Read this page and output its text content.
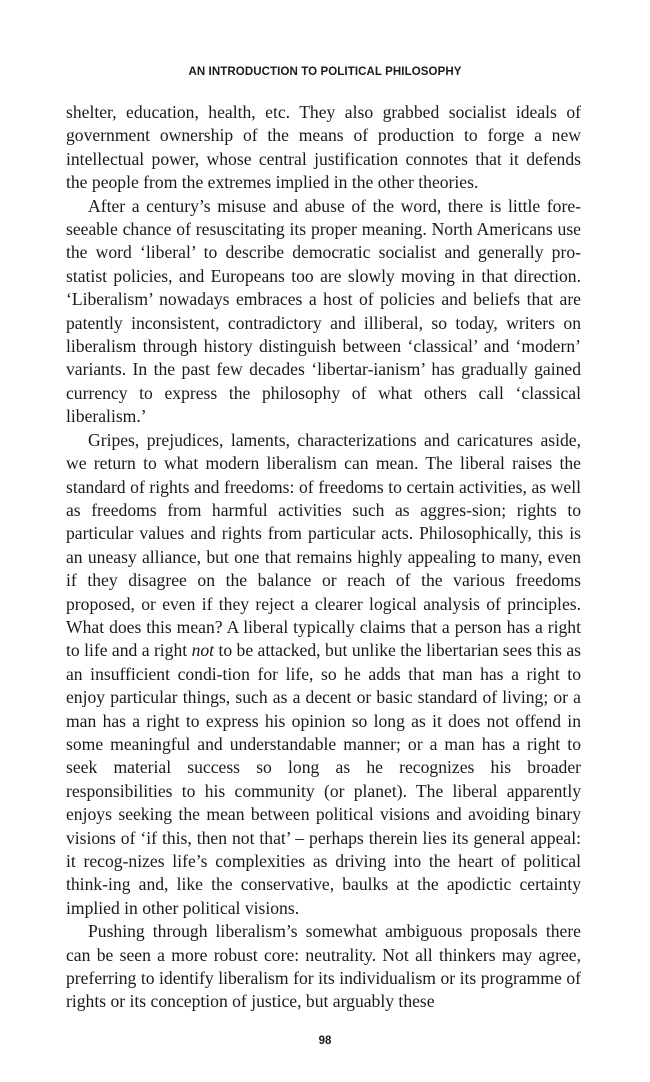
AN INTRODUCTION TO POLITICAL PHILOSOPHY

shelter, education, health, etc. They also grabbed socialist ideals of government ownership of the means of production to forge a new intellectual power, whose central justification connotes that it defends the people from the extremes implied in the other theories.

After a century’s misuse and abuse of the word, there is little fore-seeable chance of resuscitating its proper meaning. North Americans use the word ‘liberal’ to describe democratic socialist and generally pro-statist policies, and Europeans too are slowly moving in that direction. ‘Liberalism’ nowadays embraces a host of policies and beliefs that are patently inconsistent, contradictory and illiberal, so today, writers on liberalism through history distinguish between ‘classical’ and ‘modern’ variants. In the past few decades ‘libertar-ianism’ has gradually gained currency to express the philosophy of what others call ‘classical liberalism.’

Gripes, prejudices, laments, characterizations and caricatures aside, we return to what modern liberalism can mean. The liberal raises the standard of rights and freedoms: of freedoms to certain activities, as well as freedoms from harmful activities such as aggres-sion; rights to particular values and rights from particular acts. Philosophically, this is an uneasy alliance, but one that remains highly appealing to many, even if they disagree on the balance or reach of the various freedoms proposed, or even if they reject a clearer logical analysis of principles. What does this mean? A liberal typically claims that a person has a right to life and a right not to be attacked, but unlike the libertarian sees this as an insufficient condi-tion for life, so he adds that man has a right to enjoy particular things, such as a decent or basic standard of living; or a man has a right to express his opinion so long as it does not offend in some meaningful and understandable manner; or a man has a right to seek material success so long as he recognizes his broader responsibilities to his community (or planet). The liberal apparently enjoys seeking the mean between political visions and avoiding binary visions of ‘if this, then not that’ – perhaps therein lies its general appeal: it recog-nizes life’s complexities as driving into the heart of political think-ing and, like the conservative, baulks at the apodictic certainty implied in other political visions.

Pushing through liberalism’s somewhat ambiguous proposals there can be seen a more robust core: neutrality. Not all thinkers may agree, preferring to identify liberalism for its individualism or its programme of rights or its conception of justice, but arguably these

98
